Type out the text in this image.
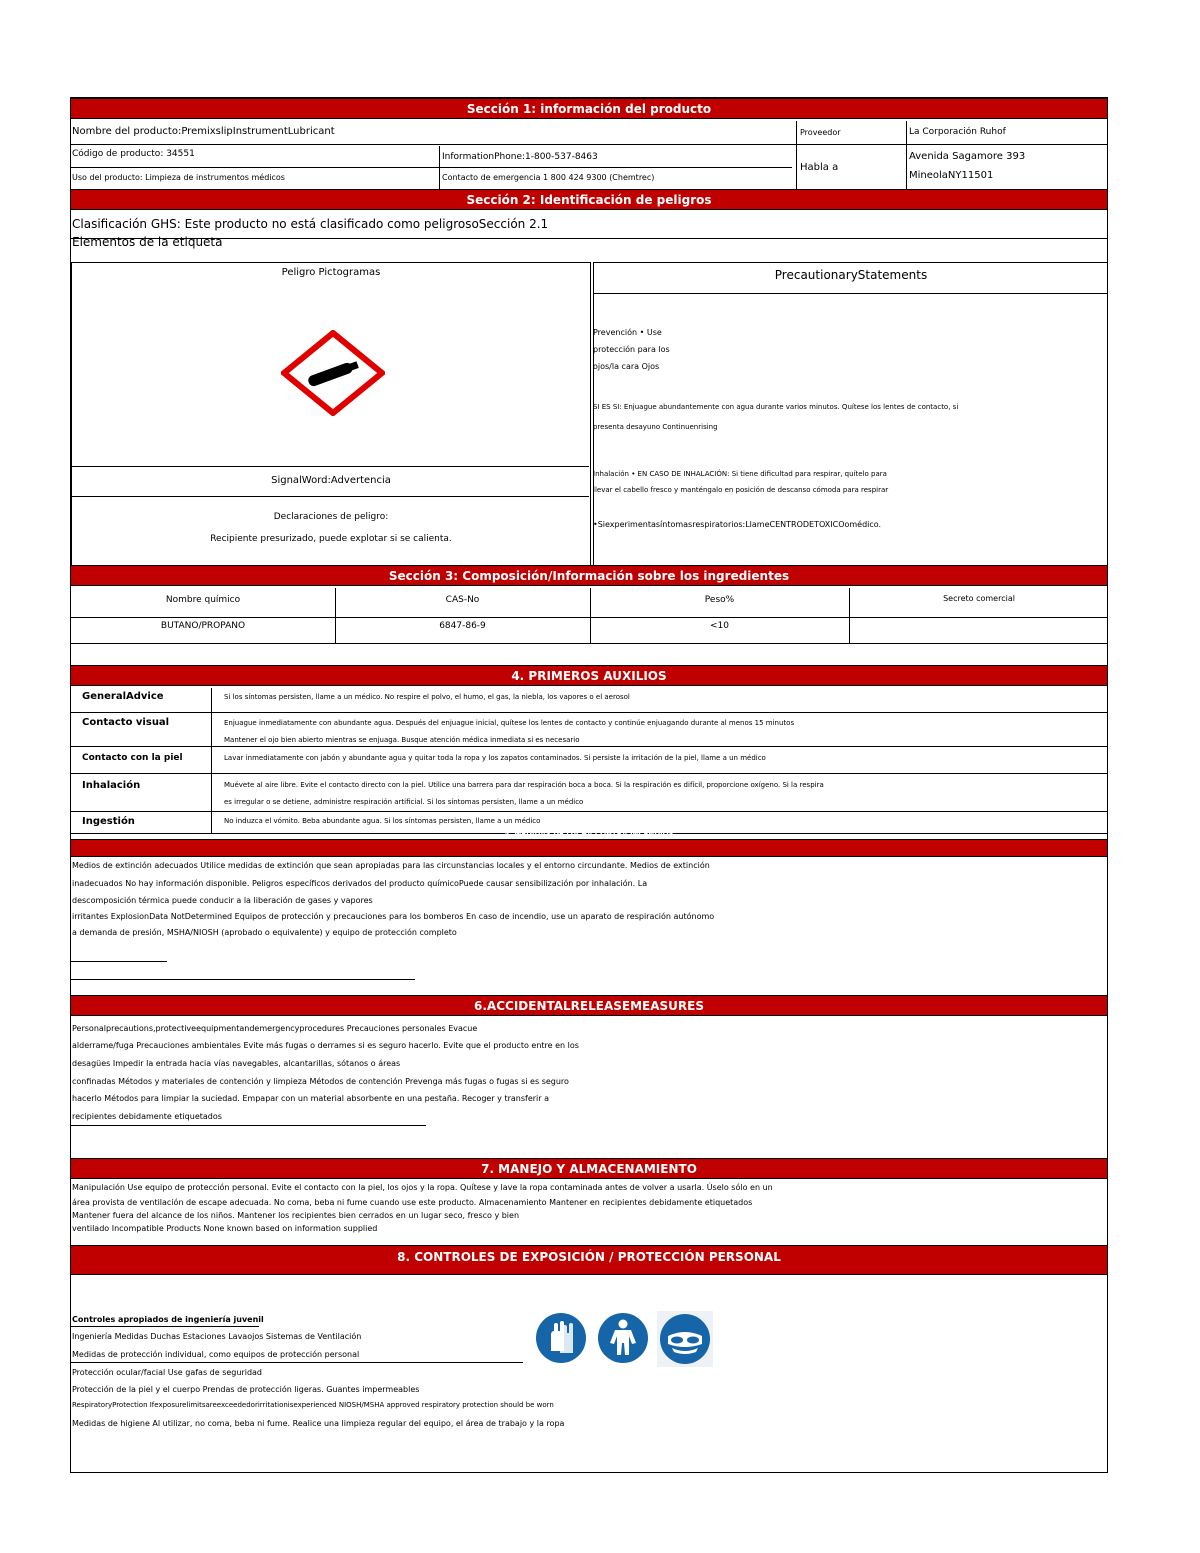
Sección 1: información del producto
Nombre del producto:PremixslipInstrumentLubricant	Proveedor	La Corporación Ruhof
Código de producto: 34551	InformationPhone:1-800-537-8463
Habla a
Avenida Sagamore 393
MineolaNY11501
Uso del producto: Limpieza de instrumentos médicos	Contacto de emergencia 1 800 424 9300 (Chemtrec)
Sección 2: Identificación de peligros
Clasificación GHS: Este producto no está clasificado como peligrosoSección 2.1
Elementos de la etiqueta
Peligro Pictogramas
SignalWord:Advertencia
Declaraciones de peligro:
Recipiente presurizado, puede explotar si se calienta.
PrecautionaryStatements
Prevención • Use
protección para los
ojos/la cara Ojos
SI ES SI: Enjuague abundantemente con agua durante varios minutos. Quítese los lentes de contacto, si
presenta desayuno Continuenrising
Inhalación • EN CASO DE INHALACIÓN: Si tiene dificultad para respirar, quítelo para
llevar el cabello fresco y manténgalo en posición de descanso cómoda para respirar
•Siexperimentasíntomasrespiratorios:LlameCENTRODETOXICOomédico.
Sección 3: Composición/Información sobre los ingredientes
Nombre químico	CAS-No	Peso%	Secreto comercial
BUTANO/PROPANO	6847-86-9	<10
4. PRIMEROS AUXILIOS
GeneralAdvice	Si los síntomas persisten, llame a un médico. No respire el polvo, el humo, el gas, la niebla, los vapores o el aerosol
Contacto visual	Enjuague inmediatamente con abundante agua. Después del enjuague inicial, quítese los lentes de contacto y continúe enjuagando durante al menos 15 minutos
Mantener el ojo bien abierto mientras se enjuaga. Busque atención médica inmediata si es necesario
Contacto con la piel	Lavar inmediatamente con jabón y abundante agua y quitar toda la ropa y los zapatos contaminados. Si persiste la irritación de la piel, llame a un médico
Inhalación	Muévete al aire libre. Evite el contacto directo con la piel. Utilice una barrera para dar respiración boca a boca. Si la respiración es difícil, proporcione oxígeno. Si la respira
es irregular o se detiene, administre respiración artificial. Si los síntomas persisten, llame a un médico
Ingestión	No induzca el vómito. Beba abundante agua. Si los síntomas persisten, llame a un médico
5. MEDIDAS DE LUCHA CONTRA INCENDIOS
Medios de extinción adecuados Utilice medidas de extinción que sean apropiadas para las circunstancias locales y el entorno circundante. Medios de extinción
inadecuados No hay información disponible. Peligros específicos derivados del producto químicoPuede causar sensibilización por inhalación. La
descomposición térmica puede conducir a la liberación de gases y vapores
irritantes ExplosionData NotDetermined Equipos de protección y precauciones para los bomberos En caso de incendio, use un aparato de respiración autónomo
a demanda de presión, MSHA/NIOSH (aprobado o equivalente) y equipo de protección completo
6.ACCIDENTALRELEASEMEASURES
Personalprecautions,protectiveequipmentandemergencyprocedures Precauciones personales Evacue
alderrame/fuga Precauciones ambientales Evite más fugas o derrames si es seguro hacerlo. Evite que el producto entre en los
desagües Impedir la entrada hacia vías navegables, alcantarillas, sótanos o áreas
confinadas Métodos y materiales de contención y limpieza Métodos de contención Prevenga más fugas o fugas si es seguro
hacerlo Métodos para limpiar la suciedad. Empapar con un material absorbente en una pestaña. Recoger y transferir a
recipientes debidamente etiquetados
7. MANEJO Y ALMACENAMIENTO
Manipulación Use equipo de protección personal. Evite el contacto con la piel, los ojos y la ropa. Quítese y lave la ropa contaminada antes de volver a usarla. Úselo sólo en un
área provista de ventilación de escape adecuada. No coma, beba ni fume cuando use este producto. Almacenamiento Mantener en recipientes debidamente etiquetados
Mantener fuera del alcance de los niños. Mantener los recipientes bien cerrados en un lugar seco, fresco y bien
ventilado Incompatible Products None known based on information supplied
8. CONTROLES DE EXPOSICIÓN / PROTECCIÓN PERSONAL
Controles apropiados de ingeniería juvenil
Ingeniería Medidas Duchas Estaciones Lavaojos Sistemas de Ventilación
Medidas de protección individual, como equipos de protección personal
Protección ocular/facial Use gafas de seguridad
Protección de la piel y el cuerpo Prendas de protección ligeras. Guantes impermeables
RespiratoryProtection Ifexposurelimitsareexceededorirritationisexperienced NIOSH/MSHA approved respiratory protection should be worn
Medidas de higiene Al utilizar, no coma, beba ni fume. Realice una limpieza regular del equipo, el área de trabajo y la ropa
